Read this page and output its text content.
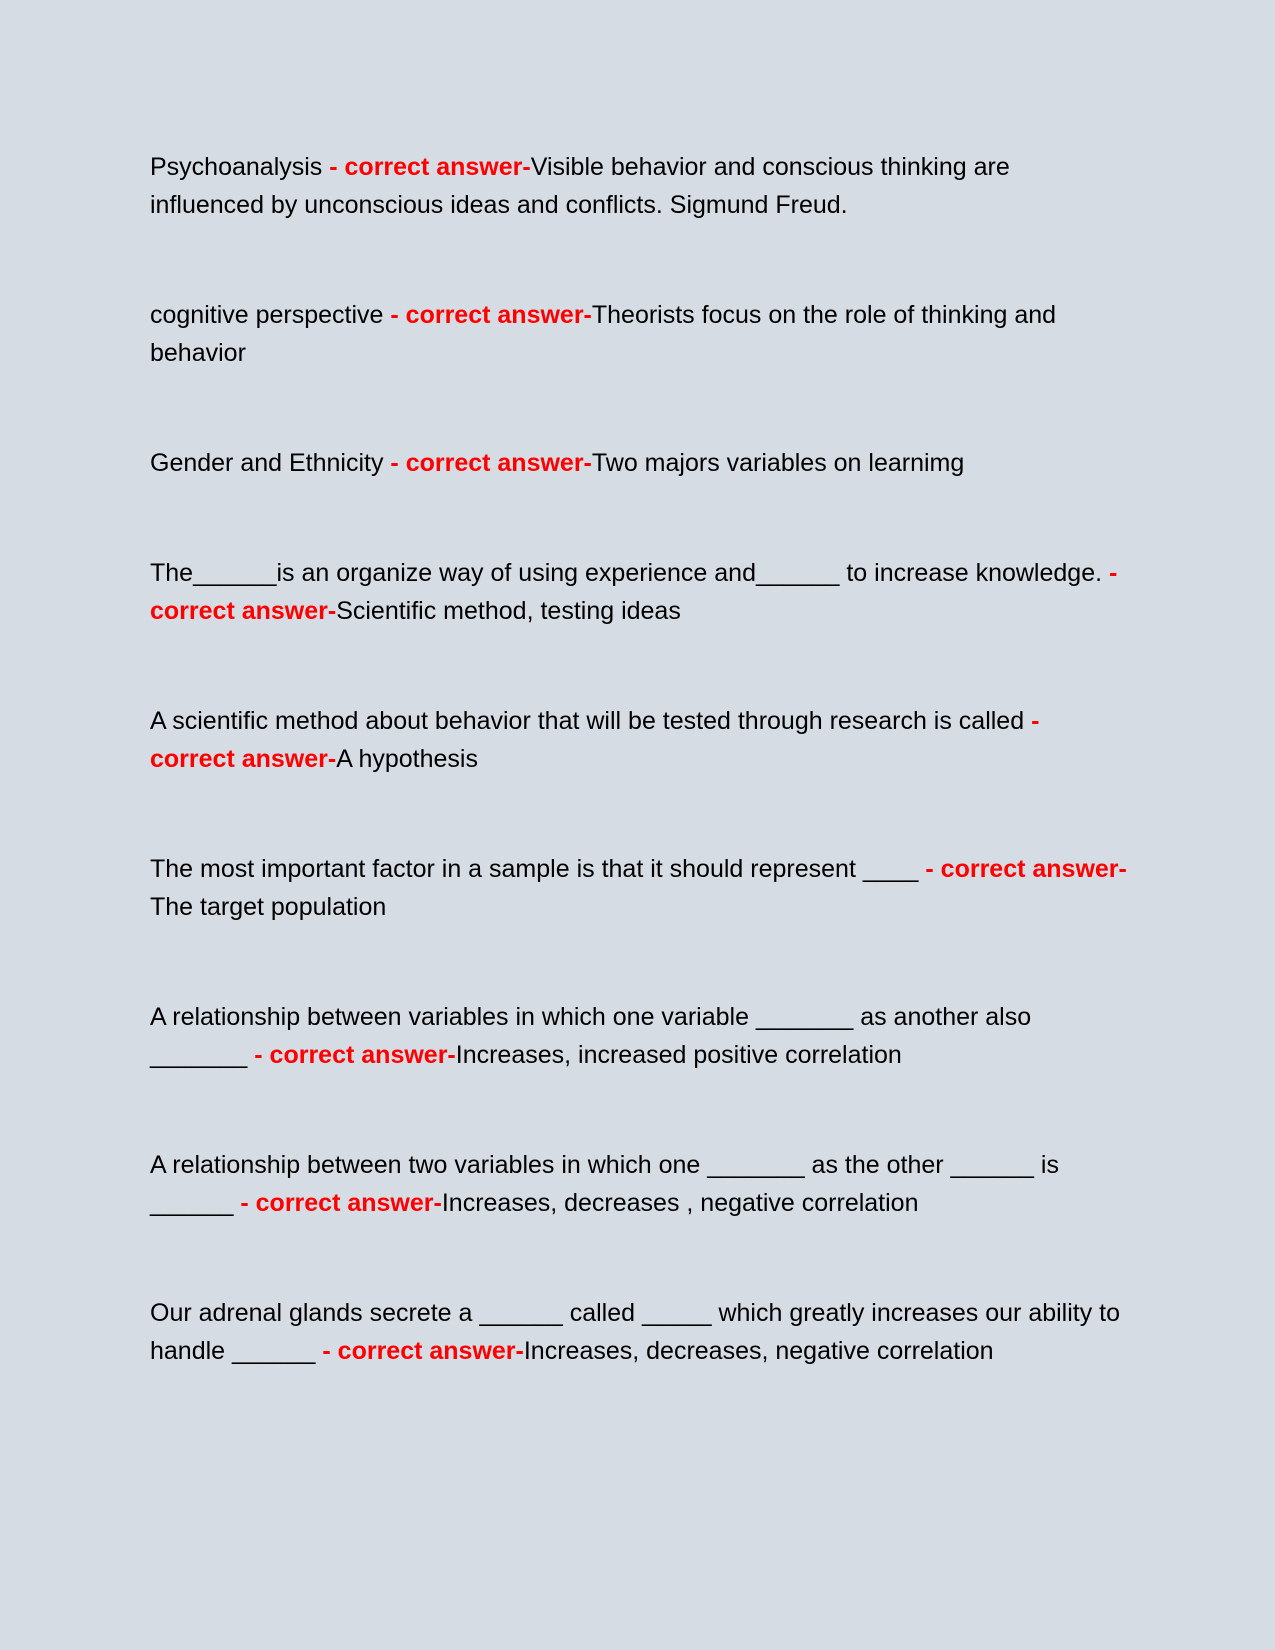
Psychoanalysis - correct answer-Visible behavior and conscious thinking are influenced by unconscious ideas and conflicts. Sigmund Freud.

cognitive perspective - correct answer-Theorists focus on the role of thinking and behavior

Gender and Ethnicity - correct answer-Two majors variables on learnimg

The______is an organize way of using experience and______ to increase knowledge. - correct answer-Scientific method, testing ideas

A scientific method about behavior that will be tested through research is called - correct answer-A hypothesis

The most important factor in a sample is that it should represent ____ - correct answer-The target population

A relationship between variables in which one variable _______ as another also _______ - correct answer-Increases, increased positive correlation

A relationship between two variables in which one _______ as the other ______ is ______ - correct answer-Increases, decreases , negative correlation

Our adrenal glands secrete a ______ called _____ which greatly increases our ability to handle ______ - correct answer-Increases, decreases, negative correlation
